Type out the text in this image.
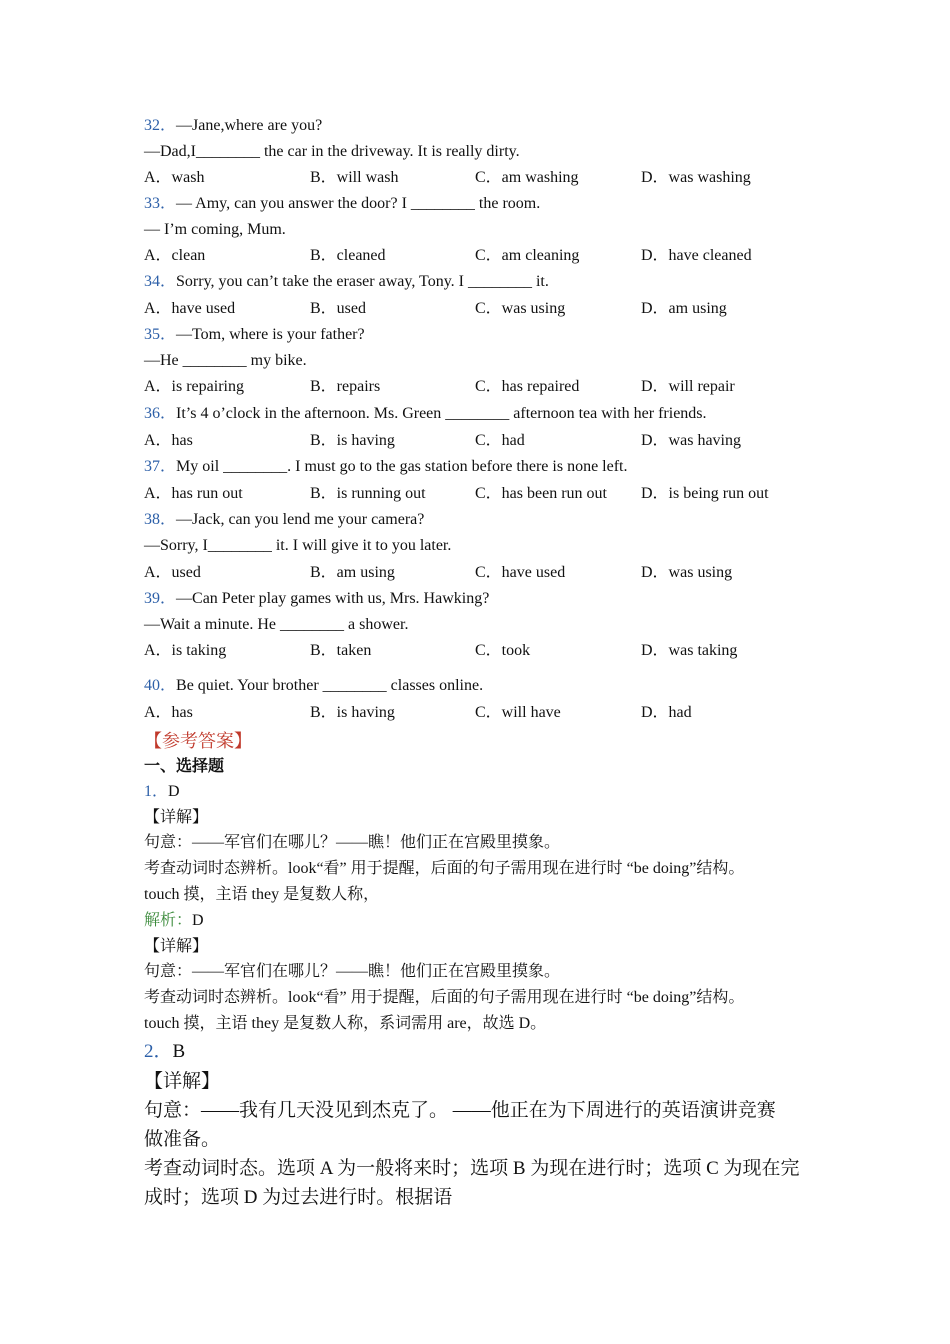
32．—Jane,where are you?
—Dad,I________ the car in the driveway. It is really dirty.
A．wash	B．will wash	C．am washing	D．was washing
33．— Amy, can you answer the door? I ________ the room.
— I’m coming, Mum.
A．clean	B．cleaned	C．am cleaning	D．have cleaned
34．Sorry, you can’t take the eraser away, Tony. I ________ it.
A．have used	B．used	C．was using	D．am using
35．—Tom, where is your father?
—He ________ my bike.
A．is repairing	B．repairs	C．has repaired	D．will repair
36．It’s 4 o’clock in the afternoon. Ms. Green ________ afternoon tea with her friends.
A．has	B．is having	C．had	D．was having
37．My oil ________. I must go to the gas station before there is none left.
A．has run out	B．is running out	C．has been run out D．is being run out
38．—Jack, can you lend me your camera?
—Sorry, I________ it. I will give it to you later.
A．used	B．am using	C．have used	D．was using
39．—Can Peter play games with us, Mrs. Hawking?
—Wait a minute. He ________ a shower.
A．is taking	B．taken	C．took	D．was taking
40．Be quiet. Your brother ________ classes online.
A．has	B．is having	C．will have	D．had
【参考答案】
一、选择题
1．D
【详解】
句意：——军官们在哪儿？——瞧！他们正在宫殿里摸象。
考查动词时态辨析。look“看” 用于提醒，后面的句子需用现在进行时 “be doing”结构。
touch 摸，主语 they 是复数人称，
解析：D
【详解】
句意：——军官们在哪儿？——瞧！他们正在宫殿里摸象。
考查动词时态辨析。look“看” 用于提醒，后面的句子需用现在进行时 “be doing”结构。
touch 摸，主语 they 是复数人称，系词需用 are，故选 D。
2．B
【详解】
句意：——我有几天没见到杰克了。 ——他正在为下周进行的英语演讲竞赛
做准备。
考查动词时态。选项 A 为一般将来时；选项 B 为现在进行时；选项 C 为现在完
成时；选项 D 为过去进行时。根据语
